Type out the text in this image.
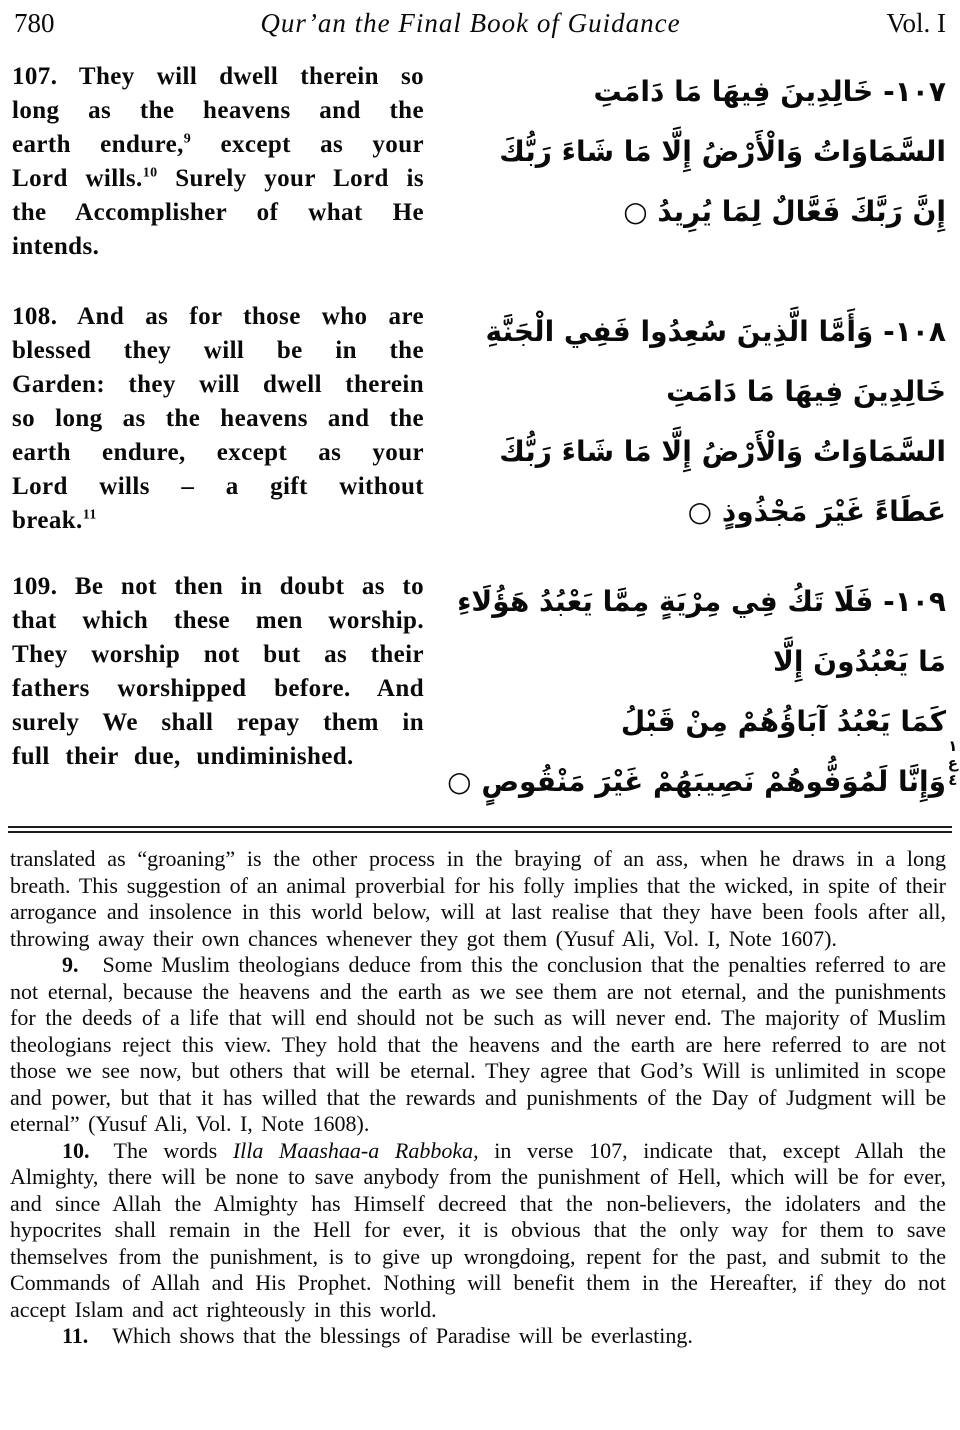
780	Qur’an the Final Book of Guidance	Vol. I

107. They will dwell therein so long as the heavens and the earth endure,$^9$ except as your Lord wills.$^{10}$ Surely your Lord is the Accomplisher of what He intends.

١٠٧- خَالِدِينَ فِيهَا مَا دَامَتِ
السَّمَاوَاتُ وَالْأَرْضُ إِلَّا مَا شَاءَ رَبُّكَ
إِنَّ رَبَّكَ فَعَّالٌ لِمَا يُرِيدُ ○

108. And as for those who are blessed they will be in the Garden: they will dwell therein so long as the heavens and the earth endure, except as your Lord wills – a gift without break.$^{11}$

١٠٨- وَأَمَّا الَّذِينَ سُعِدُوا فَفِي الْجَنَّةِ
خَالِدِينَ فِيهَا مَا دَامَتِ
السَّمَاوَاتُ وَالْأَرْضُ إِلَّا مَا شَاءَ رَبُّكَ
عَطَاءً غَيْرَ مَجْذُوذٍ ○

109. Be not then in doubt as to that which these men worship. They worship not but as their fathers worshipped before. And surely We shall repay them in full their due, undiminished.

١٠٩- فَلَا تَكُ فِي مِرْيَةٍ مِمَّا يَعْبُدُ هَؤُلَاءِ
مَا يَعْبُدُونَ إِلَّا
كَمَا يَعْبُدُ آبَاؤُهُمْ مِنْ قَبْلُ
وَإِنَّا لَمُوَفُّوهُمْ نَصِيبَهُمْ غَيْرَ مَنْقُوصٍ ○
١
ع
٤

translated as “groaning” is the other process in the braying of an ass, when he draws in a long breath. This suggestion of an animal proverbial for his folly implies that the wicked, in spite of their arrogance and insolence in this world below, will at last realise that they have been fools after all, throwing away their own chances whenever they got them (Yusuf Ali, Vol. I, Note 1607).

9. Some Muslim theologians deduce from this the conclusion that the penalties referred to are not eternal, because the heavens and the earth as we see them are not eternal, and the punishments for the deeds of a life that will end should not be such as will never end. The majority of Muslim theologians reject this view. They hold that the heavens and the earth are here referred to are not those we see now, but others that will be eternal. They agree that God’s Will is unlimited in scope and power, but that it has willed that the rewards and punishments of the Day of Judgment will be eternal” (Yusuf Ali, Vol. I, Note 1608).

10. The words Illa Maashaa-a Rabboka, in verse 107, indicate that, except Allah the Almighty, there will be none to save anybody from the punishment of Hell, which will be for ever, and since Allah the Almighty has Himself decreed that the non-believers, the idolaters and the hypocrites shall remain in the Hell for ever, it is obvious that the only way for them to save themselves from the punishment, is to give up wrongdoing, repent for the past, and submit to the Commands of Allah and His Prophet. Nothing will benefit them in the Hereafter, if they do not accept Islam and act righteously in this world.

11. Which shows that the blessings of Paradise will be everlasting.
